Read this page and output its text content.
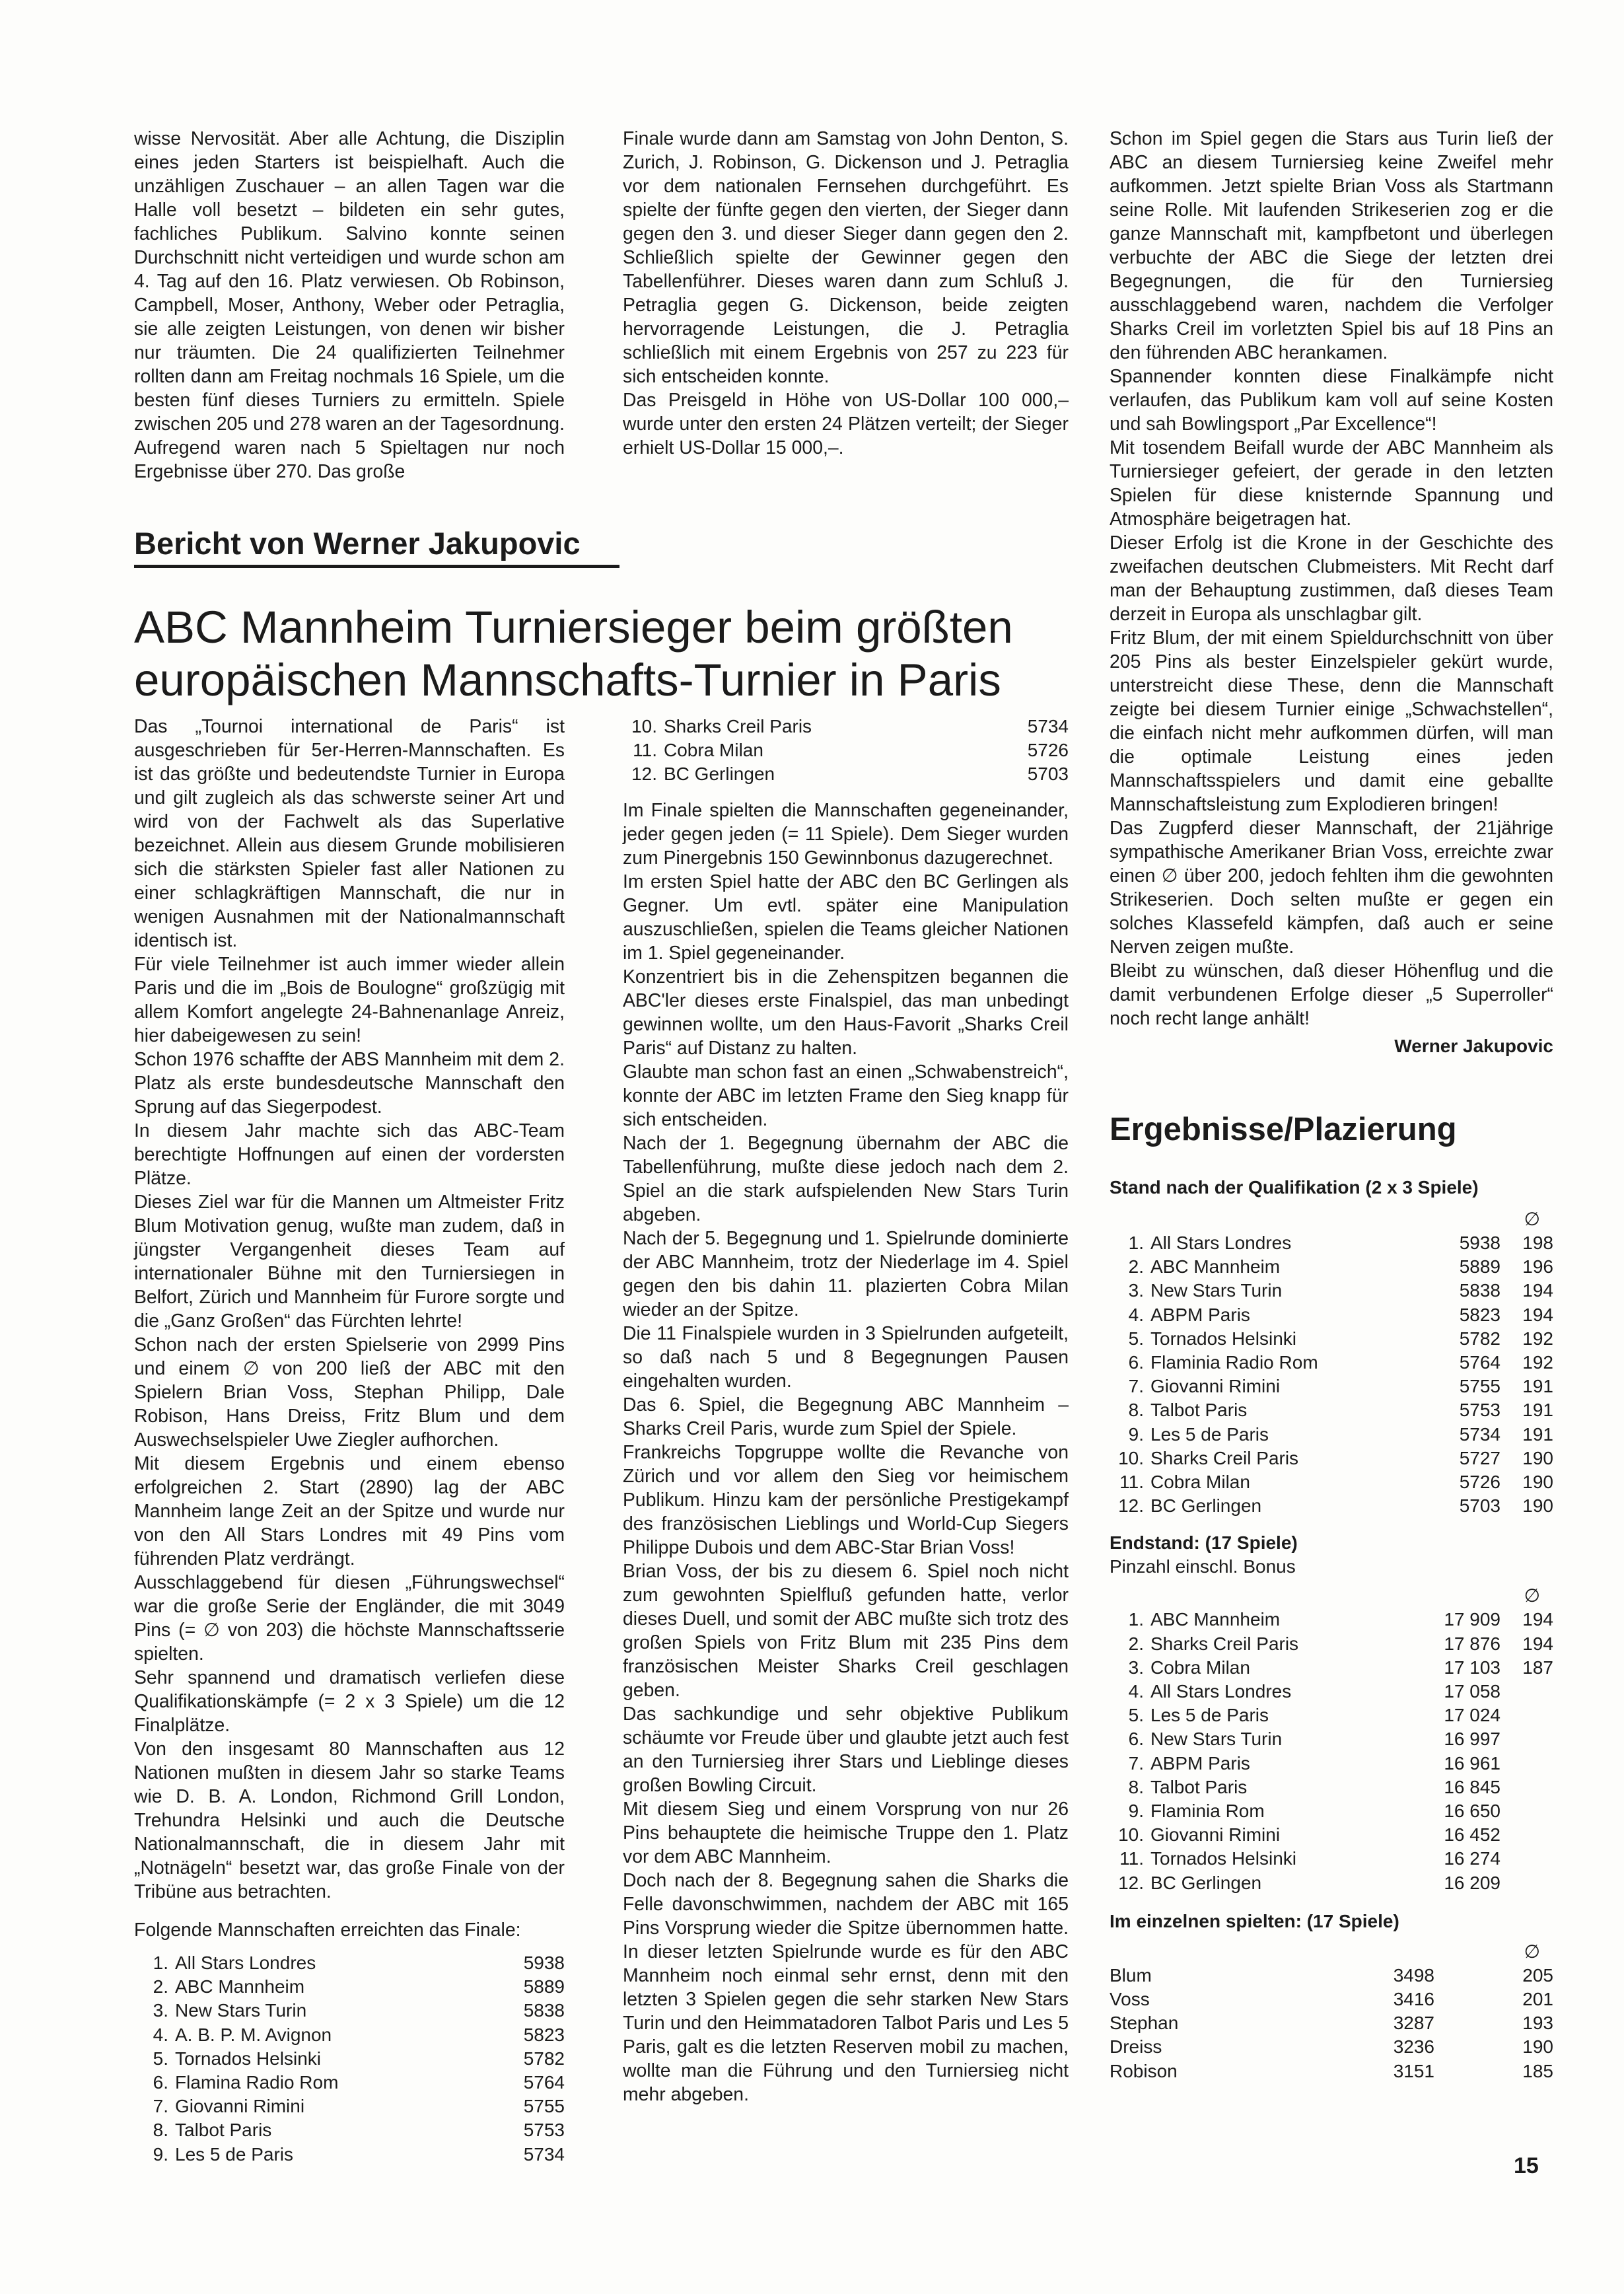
wisse Nervosität. Aber alle Achtung, die Disziplin eines jeden Starters ist beispielhaft. Auch die unzähligen Zuschauer – an allen Tagen war die Halle voll besetzt – bildeten ein sehr gutes, fachliches Publikum. Salvino konnte seinen Durchschnitt nicht verteidigen und wurde schon am 4. Tag auf den 16. Platz verwiesen. Ob Robinson, Campbell, Moser, Anthony, Weber oder Petraglia, sie alle zeigten Leistungen, von denen wir bisher nur träumten. Die 24 qualifizierten Teilnehmer rollten dann am Freitag nochmals 16 Spiele, um die besten fünf dieses Turniers zu ermitteln. Spiele zwischen 205 und 278 waren an der Tagesordnung. Aufregend waren nach 5 Spieltagen nur noch Ergebnisse über 270. Das große

Finale wurde dann am Samstag von John Denton, S. Zurich, J. Robinson, G. Dickenson und J. Petraglia vor dem nationalen Fernsehen durchgeführt. Es spielte der fünfte gegen den vierten, der Sieger dann gegen den 3. und dieser Sieger dann gegen den 2. Schließlich spielte der Gewinner gegen den Tabellenführer. Dieses waren dann zum Schluß J. Petraglia gegen G. Dickenson, beide zeigten hervorragende Leistungen, die J. Petraglia schließlich mit einem Ergebnis von 257 zu 223 für sich entscheiden konnte.

Das Preisgeld in Höhe von US-Dollar 100 000,– wurde unter den ersten 24 Plätzen verteilt; der Sieger erhielt US-Dollar 15 000,–.

Bericht von Werner Jakupovic
ABC Mannheim Turniersieger beim größten
europäischen Mannschafts-Turnier in Paris

Das „Tournoi international de Paris“ ist ausgeschrieben für 5er-Herren-Mannschaften. Es ist das größte und bedeutendste Turnier in Europa und gilt zugleich als das schwerste seiner Art und wird von der Fachwelt als das Superlative bezeichnet. Allein aus diesem Grunde mobilisieren sich die stärksten Spieler fast aller Nationen zu einer schlagkräftigen Mannschaft, die nur in wenigen Ausnahmen mit der Nationalmannschaft identisch ist.

Für viele Teilnehmer ist auch immer wieder allein Paris und die im „Bois de Boulogne“ großzügig mit allem Komfort angelegte 24-Bahnenanlage Anreiz, hier dabeigewesen zu sein!

Schon 1976 schaffte der ABS Mannheim mit dem 2. Platz als erste bundesdeutsche Mannschaft den Sprung auf das Siegerpodest.

In diesem Jahr machte sich das ABC-Team berechtigte Hoffnungen auf einen der vordersten Plätze.

Dieses Ziel war für die Mannen um Altmeister Fritz Blum Motivation genug, wußte man zudem, daß in jüngster Vergangenheit dieses Team auf internationaler Bühne mit den Turniersiegen in Belfort, Zürich und Mannheim für Furore sorgte und die „Ganz Großen“ das Fürchten lehrte!

Schon nach der ersten Spielserie von 2999 Pins und einem ∅ von 200 ließ der ABC mit den Spielern Brian Voss, Stephan Philipp, Dale Robison, Hans Dreiss, Fritz Blum und dem Auswechselspieler Uwe Ziegler aufhorchen.

Mit diesem Ergebnis und einem ebenso erfolgreichen 2. Start (2890) lag der ABC Mannheim lange Zeit an der Spitze und wurde nur von den All Stars Londres mit 49 Pins vom führenden Platz verdrängt.

Ausschlaggebend für diesen „Führungswechsel“ war die große Serie der Engländer, die mit 3049 Pins (= ∅ von 203) die höchste Mannschaftsserie spielten.

Sehr spannend und dramatisch verliefen diese Qualifikationskämpfe (= 2 x 3 Spiele) um die 12 Finalplätze.

Von den insgesamt 80 Mannschaften aus 12 Nationen mußten in diesem Jahr so starke Teams wie D. B. A. London, Richmond Grill London, Trehundra Helsinki und auch die Deutsche Nationalmannschaft, die in diesem Jahr mit „Notnägeln“ besetzt war, das große Finale von der Tribüne aus betrachten.

Folgende Mannschaften erreichten das Finale:

1. All Stars Londres	5938
2. ABC Mannheim	5889
3. New Stars Turin	5838
4. A. B. P. M. Avignon	5823
5. Tornados Helsinki	5782
6. Flamina Radio Rom	5764
7. Giovanni Rimini	5755
8. Talbot Paris	5753
9. Les 5 de Paris	5734
10. Sharks Creil Paris	5734
11. Cobra Milan	5726
12. BC Gerlingen	5703

Im Finale spielten die Mannschaften gegeneinander, jeder gegen jeden (= 11 Spiele). Dem Sieger wurden zum Pinergebnis 150 Gewinnbonus dazugerechnet.

Im ersten Spiel hatte der ABC den BC Gerlingen als Gegner. Um evtl. später eine Manipulation auszuschließen, spielen die Teams gleicher Nationen im 1. Spiel gegeneinander.

Konzentriert bis in die Zehenspitzen begannen die ABC'ler dieses erste Finalspiel, das man unbedingt gewinnen wollte, um den Haus-Favorit „Sharks Creil Paris“ auf Distanz zu halten.

Glaubte man schon fast an einen „Schwabenstreich“, konnte der ABC im letzten Frame den Sieg knapp für sich entscheiden.

Nach der 1. Begegnung übernahm der ABC die Tabellenführung, mußte diese jedoch nach dem 2. Spiel an die stark aufspielenden New Stars Turin abgeben.

Nach der 5. Begegnung und 1. Spielrunde dominierte der ABC Mannheim, trotz der Niederlage im 4. Spiel gegen den bis dahin 11. plazierten Cobra Milan wieder an der Spitze.

Die 11 Finalspiele wurden in 3 Spielrunden aufgeteilt, so daß nach 5 und 8 Begegnungen Pausen eingehalten wurden.

Das 6. Spiel, die Begegnung ABC Mannheim – Sharks Creil Paris, wurde zum Spiel der Spiele.

Frankreichs Topgruppe wollte die Revanche von Zürich und vor allem den Sieg vor heimischem Publikum. Hinzu kam der persönliche Prestigekampf des französischen Lieblings und World-Cup Siegers Philippe Dubois und dem ABC-Star Brian Voss!

Brian Voss, der bis zu diesem 6. Spiel noch nicht zum gewohnten Spielfluß gefunden hatte, verlor dieses Duell, und somit der ABC mußte sich trotz des großen Spiels von Fritz Blum mit 235 Pins dem französischen Meister Sharks Creil geschlagen geben.

Das sachkundige und sehr objektive Publikum schäumte vor Freude über und glaubte jetzt auch fest an den Turniersieg ihrer Stars und Lieblinge dieses großen Bowling Circuit.

Mit diesem Sieg und einem Vorsprung von nur 26 Pins behauptete die heimische Truppe den 1. Platz vor dem ABC Mannheim.

Doch nach der 8. Begegnung sahen die Sharks die Felle davonschwimmen, nachdem der ABC mit 165 Pins Vorsprung wieder die Spitze übernommen hatte. In dieser letzten Spielrunde wurde es für den ABC Mannheim noch einmal sehr ernst, denn mit den letzten 3 Spielen gegen die sehr starken New Stars Turin und den Heimmatadoren Talbot Paris und Les 5 Paris, galt es die letzten Reserven mobil zu machen, wollte man die Führung und den Turniersieg nicht mehr abgeben.

Schon im Spiel gegen die Stars aus Turin ließ der ABC an diesem Turniersieg keine Zweifel mehr aufkommen. Jetzt spielte Brian Voss als Startmann seine Rolle. Mit laufenden Strikeserien zog er die ganze Mannschaft mit, kampfbetont und überlegen verbuchte der ABC die Siege der letzten drei Begegnungen, die für den Turniersieg ausschlaggebend waren, nachdem die Verfolger Sharks Creil im vorletzten Spiel bis auf 18 Pins an den führenden ABC herankamen.

Spannender konnten diese Finalkämpfe nicht verlaufen, das Publikum kam voll auf seine Kosten und sah Bowlingsport „Par Excellence“!

Mit tosendem Beifall wurde der ABC Mannheim als Turniersieger gefeiert, der gerade in den letzten Spielen für diese knisternde Spannung und Atmosphäre beigetragen hat.

Dieser Erfolg ist die Krone in der Geschichte des zweifachen deutschen Clubmeisters. Mit Recht darf man der Behauptung zustimmen, daß dieses Team derzeit in Europa als unschlagbar gilt.

Fritz Blum, der mit einem Spieldurchschnitt von über 205 Pins als bester Einzelspieler gekürt wurde, unterstreicht diese These, denn die Mannschaft zeigte bei diesem Turnier einige „Schwachstellen“, die einfach nicht mehr aufkommen dürfen, will man die optimale Leistung eines jeden Mannschaftsspielers und damit eine geballte Mannschaftsleistung zum Explodieren bringen!

Das Zugpferd dieser Mannschaft, der 21jährige sympathische Amerikaner Brian Voss, erreichte zwar einen ∅ über 200, jedoch fehlten ihm die gewohnten Strikeserien. Doch selten mußte er gegen ein solches Klassefeld kämpfen, daß auch er seine Nerven zeigen mußte.

Bleibt zu wünschen, daß dieser Höhenflug und die damit verbundenen Erfolge dieser „5 Superroller“ noch recht lange anhält!

Werner Jakupovic

Ergebnisse/Plazierung

Stand nach der Qualifikation (2 x 3 Spiele)

∅
1. All Stars Londres	5938	198
2. ABC Mannheim	5889	196
3. New Stars Turin	5838	194
4. ABPM Paris	5823	194
5. Tornados Helsinki	5782	192
6. Flaminia Radio Rom	5764	192
7. Giovanni Rimini	5755	191
8. Talbot Paris	5753	191
9. Les 5 de Paris	5734	191
10. Sharks Creil Paris	5727	190
11. Cobra Milan	5726	190
12. BC Gerlingen	5703	190

Endstand: (17 Spiele)

Pinzahl einschl. Bonus

∅
1. ABC Mannheim	17 909	194
2. Sharks Creil Paris	17 876	194
3. Cobra Milan	17 103	187
4. All Stars Londres	17 058
5. Les 5 de Paris	17 024
6. New Stars Turin	16 997
7. ABPM Paris	16 961
8. Talbot Paris	16 845
9. Flaminia Rom	16 650
10. Giovanni Rimini	16 452
11. Tornados Helsinki	16 274
12. BC Gerlingen	16 209

Im einzelnen spielten: (17 Spiele)

∅
Blum	3498	205
Voss	3416	201
Stephan	3287	193
Dreiss	3236	190
Robison	3151	185
15
